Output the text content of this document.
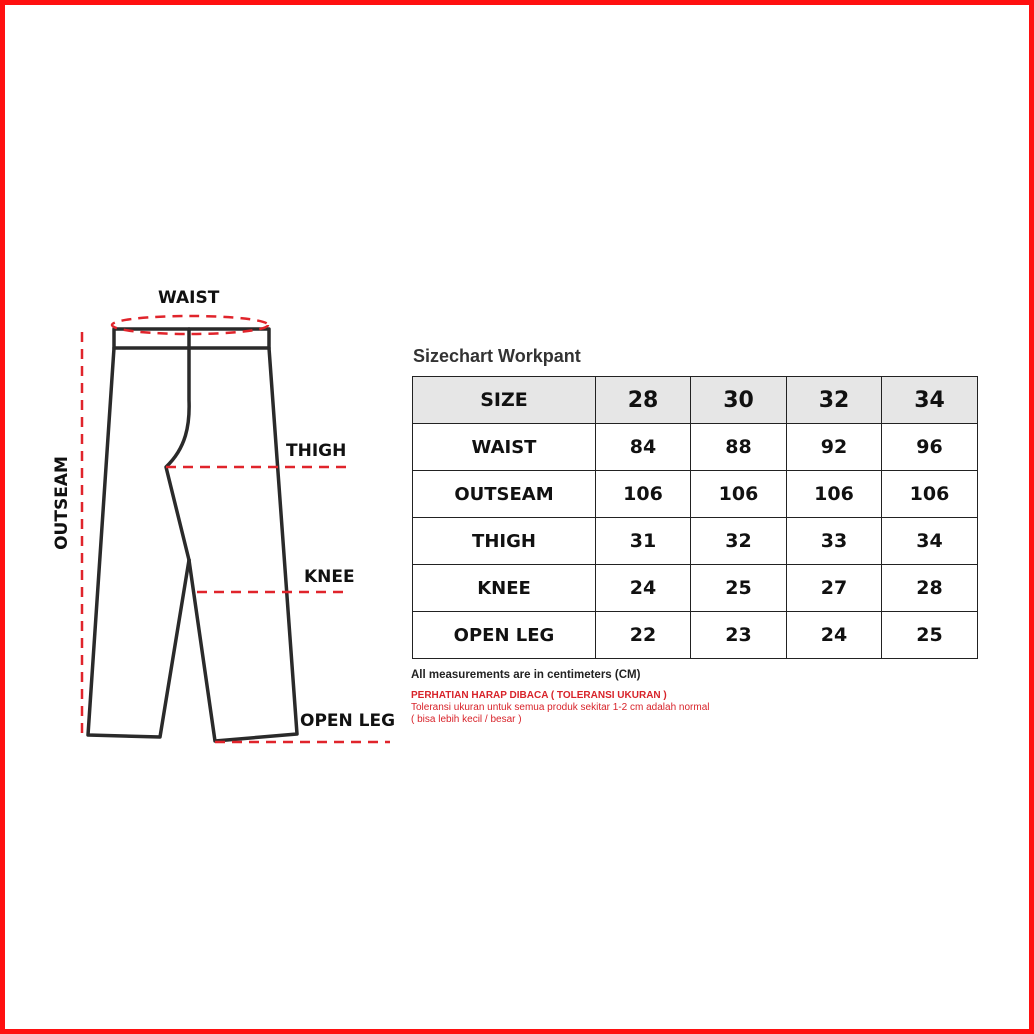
WAIST
THIGH
KNEE
OPEN LEG
OUTSEAM
Sizechart Workpant
SIZE	28	30	32	34
WAIST	84	88	92	96
OUTSEAM	106	106	106	106
THIGH	31	32	33	34
KNEE	24	25	27	28
OPEN LEG	22	23	24	25
All measurements are in centimeters (CM)
PERHATIAN HARAP DIBACA ( TOLERANSI UKURAN )
Toleransi ukuran untuk semua produk sekitar 1-2 cm adalah normal
( bisa lebih kecil / besar )
